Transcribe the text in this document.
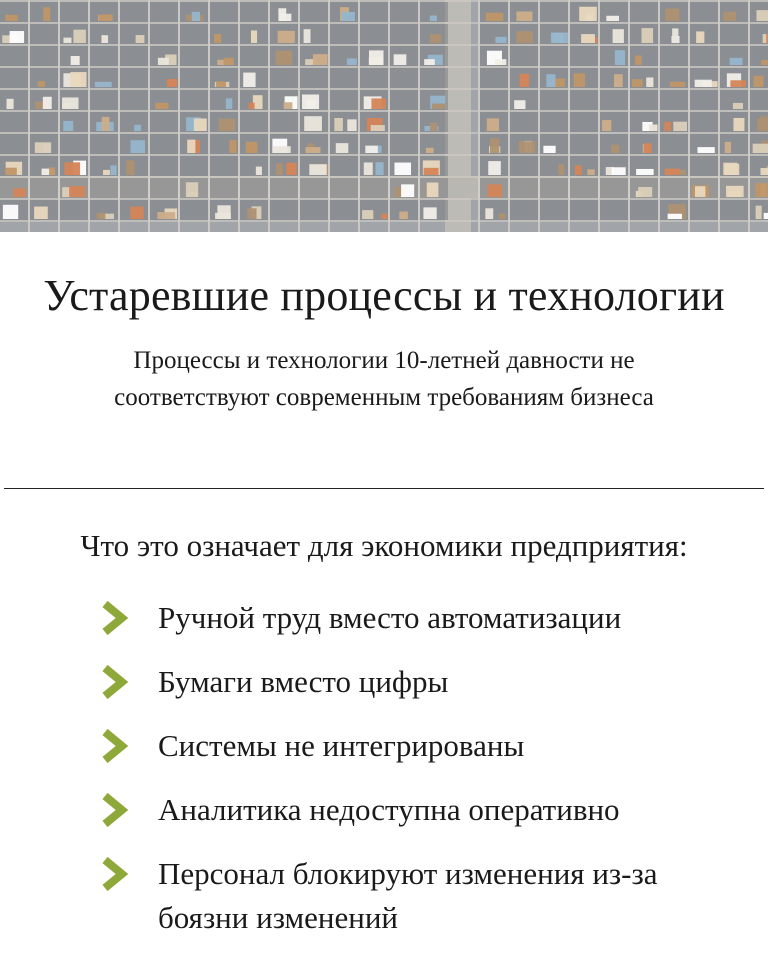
Устаревшие процессы и технологии

Процессы и технологии 10-летней давности не соответствуют современным требованиям бизнеса

Что это означает для экономики предприятия:

Ручной труд вместо автоматизации
Бумаги вместо цифры
Системы не интегрированы
Аналитика недоступна оперативно
Персонал блокируют изменения из-за боязни изменений
